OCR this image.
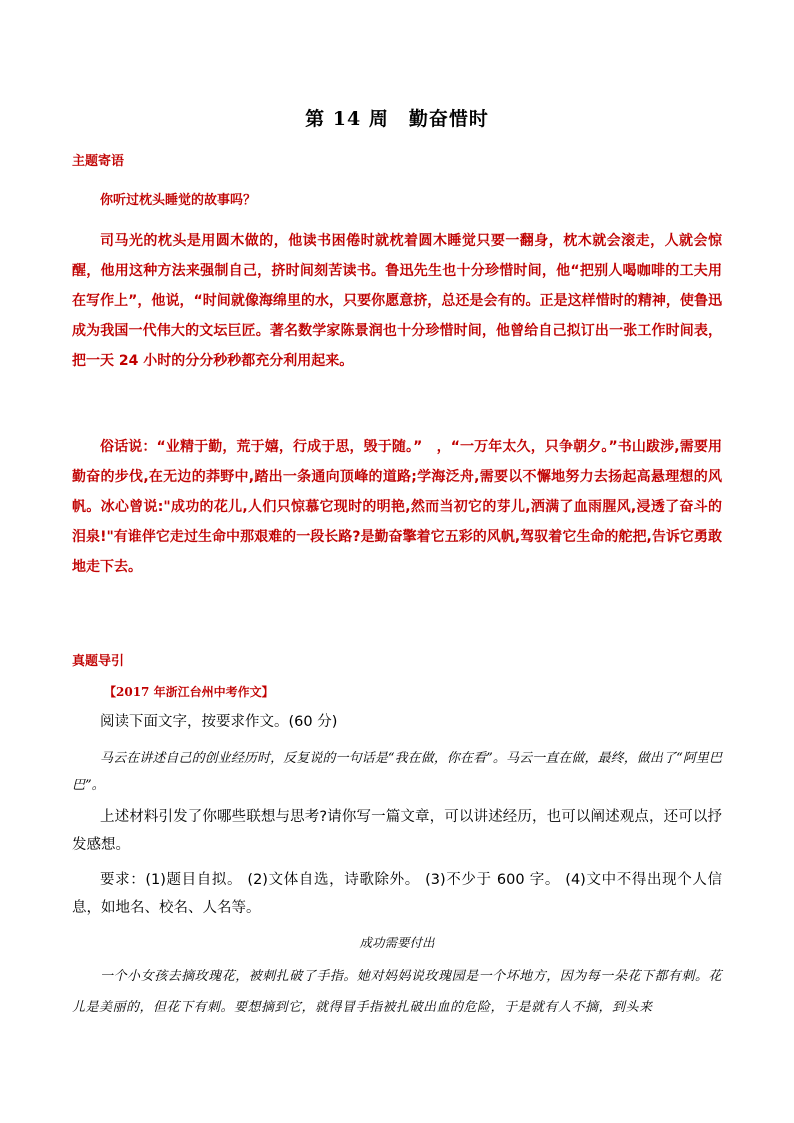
第 14 周　勤奋惜时
主题寄语
你听过枕头睡觉的故事吗？

司马光的枕头是用圆木做的，他读书困倦时就枕着圆木睡觉只要一翻身，枕木就会滚走，人就会惊醒，他用这种方法来强制自己，挤时间刻苦读书。鲁迅先生也十分珍惜时间，他“把别人喝咖啡的工夫用在写作上”，他说，“时间就像海绵里的水，只要你愿意挤，总还是会有的。正是这样惜时的精神，使鲁迅成为我国一代伟大的文坛巨匠。著名数学家陈景润也十分珍惜时间，他曾给自己拟订出一张工作时间表，把一天 24 小时的分分秒秒都充分利用起来。

俗话说：“业精于勤，荒于嬉，行成于思，毁于随。”　，“一万年太久，只争朝夕。”书山跋涉,需要用勤奋的步伐,在无边的莽野中,踏出一条通向顶峰的道路;学海泛舟,需要以不懈地努力去扬起高悬理想的风帆。冰心曾说:"成功的花儿,人们只惊慕它现时的明艳,然而当初它的芽儿,洒满了血雨腥风,浸透了奋斗的泪泉!"有谁伴它走过生命中那艰难的一段长路?是勤奋擎着它五彩的风帆,驾驭着它生命的舵把,告诉它勇敢地走下去。

真题导引
【2017 年浙江台州中考作文】

阅读下面文字，按要求作文。(60 分)

马云在讲述自己的创业经历时，反复说的一句话是“我在做，你在看”。马云一直在做，最终，做出了“阿里巴巴”。

上述材料引发了你哪些联想与思考?请你写一篇文章，可以讲述经历，也可以阐述观点，还可以抒发感想。

要求：(1)题目自拟。 (2)文体自选，诗歌除外。 (3)不少于 600 字。 (4)文中不得出现个人信息，如地名、校名、人名等。

成功需要付出

一个小女孩去摘玫瑰花，被刺扎破了手指。她对妈妈说玫瑰园是一个坏地方，因为每一朵花下都有刺。花儿是美丽的，但花下有刺。要想摘到它，就得冒手指被扎破出血的危险，于是就有人不摘，到头来
